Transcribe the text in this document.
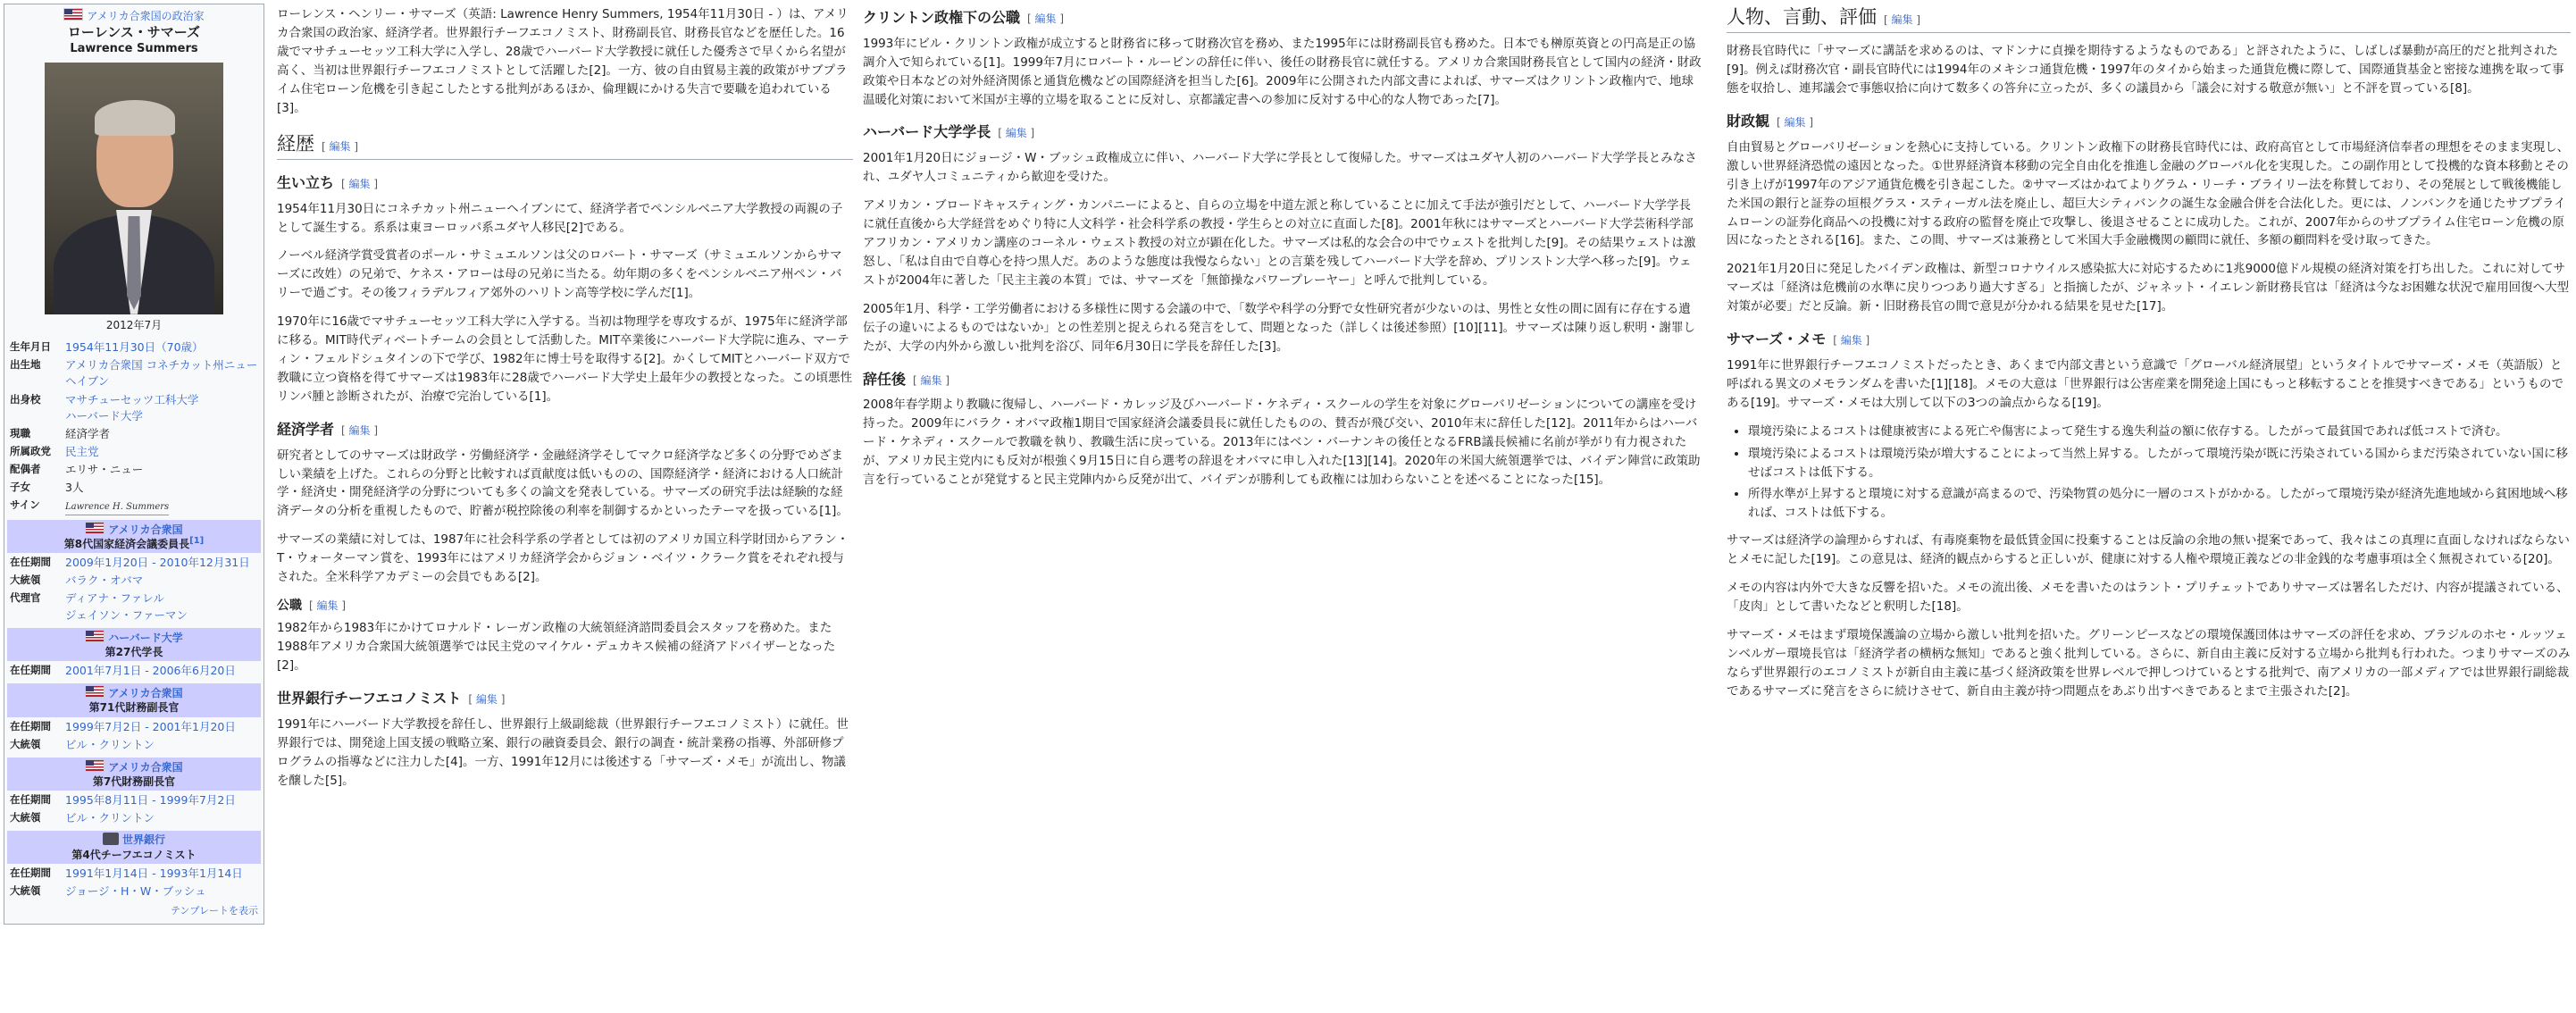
アメリカ合衆国の政治家
ローレンス・サマーズ
Lawrence Summers
2012年7月
生年月日	1954年11月30日（70歳）
出生地	アメリカ合衆国 コネチカット州ニューヘイブン
出身校	マサチューセッツ工科大学
ハーバード大学
現職	経済学者
所属政党	民主党
配偶者	エリサ・ニュー
子女	3人
サイン	Lawrence H. Summers
アメリカ合衆国
第8代国家経済会議委員長[1]
在任期間	2009年1月20日 - 2010年12月31日
大統領	バラク・オバマ
代理官	ディアナ・ファレル
ジェイソン・ファーマン
ハーバード大学
第27代学長
在任期間	2001年7月1日 - 2006年6月20日
アメリカ合衆国
第71代財務副長官
在任期間	1999年7月2日 - 2001年1月20日
大統領	ビル・クリントン
アメリカ合衆国
第7代財務副長官
在任期間	1995年8月11日 - 1999年7月2日
大統領	ビル・クリントン
世界銀行
第4代チーフエコノミスト
在任期間	1991年1月14日 - 1993年1月14日
大統領	ジョージ・H・W・ブッシュ
テンプレートを表示

ローレンス・ヘンリー・サマーズ（英語: Lawrence Henry Summers, 1954年11月30日 - ）は、アメリカ合衆国の政治家、経済学者。世界銀行チーフエコノミスト、財務副長官、財務長官などを歴任した。16歳でマサチューセッツ工科大学に入学し、28歳でハーバード大学教授に就任した優秀さで早くから名望が高く、当初は世界銀行チーフエコノミストとして活躍した[2]。一方、彼の自由貿易主義的政策がサブプライム住宅ローン危機を引き起こしたとする批判があるほか、倫理観にかける失言で要職を追われている[3]。

経歴 [ 編集 ]
生い立ち [ 編集 ]

1954年11月30日にコネチカット州ニューヘイブンにて、経済学者でペンシルベニア大学教授の両親の子として誕生する。系系は東ヨーロッパ系ユダヤ人移民[2]である。

ノーベル経済学賞受賞者のポール・サミュエルソンは父のロバート・サマーズ（サミュエルソンからサマーズに改姓）の兄弟で、ケネス・アローは母の兄弟に当たる。幼年期の多くをペンシルベニア州ペン・バリーで過ごす。その後フィラデルフィア郊外のハリトン高等学校に学んだ[1]。

1970年に16歳でマサチューセッツ工科大学に入学する。当初は物理学を専攻するが、1975年に経済学部に移る。MIT時代ディベートチームの会員として活動した。MIT卒業後にハーバード大学院に進み、マーティン・フェルドシュタインの下で学び、1982年に博士号を取得する[2]。かくしてMITとハーバード双方で教職に立つ資格を得てサマーズは1983年に28歳でハーバード大学史上最年少の教授となった。この頃悪性リンパ腫と診断されたが、治療で完治している[1]。

経済学者 [ 編集 ]

研究者としてのサマーズは財政学・労働経済学・金融経済学そしてマクロ経済学など多くの分野でめざましい業績を上げた。これらの分野と比較すれば貢献度は低いものの、国際経済学・経済における人口統計学・経済史・開発経済学の分野についても多くの論文を発表している。サマーズの研究手法は経験的な経済データの分析を重視したもので、貯蓄が税控除後の利率を制御するかといったテーマを扱っている[1]。

サマーズの業績に対しては、1987年に社会科学系の学者としては初のアメリカ国立科学財団からアラン・T・ウォーターマン賞を、1993年にはアメリカ経済学会からジョン・ベイツ・クラーク賞をそれぞれ授与された。全米科学アカデミーの会員でもある[2]。

公職 [ 編集 ]

1982年から1983年にかけてロナルド・レーガン政権の大統領経済諮問委員会スタッフを務めた。また1988年アメリカ合衆国大統領選挙では民主党のマイケル・デュカキス候補の経済アドバイザーとなった[2]。

世界銀行チーフエコノミスト [ 編集 ]

1991年にハーバード大学教授を辞任し、世界銀行上級副総裁（世界銀行チーフエコノミスト）に就任。世界銀行では、開発途上国支援の戦略立案、銀行の融資委員会、銀行の調査・統計業務の指導、外部研修プログラムの指導などに注力した[4]。一方、1991年12月には後述する「サマーズ・メモ」が流出し、物議を醸した[5]。

クリントン政権下の公職 [ 編集 ]

1993年にビル・クリントン政権が成立すると財務省に移って財務次官を務め、また1995年には財務副長官も務めた。日本でも榊原英資との円高是正の協調介入で知られている[1]。1999年7月にロバート・ルービンの辞任に伴い、後任の財務長官に就任する。アメリカ合衆国財務長官として国内の経済・財政政策や日本などの対外経済関係と通貨危機などの国際経済を担当した[6]。2009年に公開された内部文書によれば、サマーズはクリントン政権内で、地球温暖化対策において米国が主導的立場を取ることに反対し、京都議定書への参加に反対する中心的な人物であった[7]。

ハーバード大学学長 [ 編集 ]

2001年1月20日にジョージ・W・ブッシュ政権成立に伴い、ハーバード大学に学長として復帰した。サマーズはユダヤ人初のハーバード大学学長とみなされ、ユダヤ人コミュニティから歓迎を受けた。

アメリカン・ブロードキャスティング・カンパニーによると、自らの立場を中道左派と称していることに加えて手法が強引だとして、ハーバード大学学長に就任直後から大学経営をめぐり特に人文科学・社会科学系の教授・学生らとの対立に直面した[8]。2001年秋にはサマーズとハーバード大学芸術科学部アフリカン・アメリカン講座のコーネル・ウェスト教授の対立が顕在化した。サマーズは私的な会合の中でウェストを批判した[9]。その結果ウェストは激怒し、「私は自由で自尊心を持つ黒人だ。あのような態度は我慢ならない」との言葉を残してハーバード大学を辞め、プリンストン大学へ移った[9]。ウェストが2004年に著した「民主主義の本質」では、サマーズを「無節操なパワープレーヤー」と呼んで批判している。

2005年1月、科学・工学労働者における多様性に関する会議の中で、「数学や科学の分野で女性研究者が少ないのは、男性と女性の間に固有に存在する遺伝子の違いによるものではないか」との性差別と捉えられる発言をして、問題となった（詳しくは後述参照）[10][11]。サマーズは陳り返し釈明・謝罪したが、大学の内外から激しい批判を浴び、同年6月30日に学長を辞任した[3]。

辞任後 [ 編集 ]

2008年春学期より教職に復帰し、ハーバード・カレッジ及びハーバード・ケネディ・スクールの学生を対象にグローバリゼーションについての講座を受け持った。2009年にバラク・オバマ政権1期目で国家経済会議委員長に就任したものの、賛否が飛び交い、2010年末に辞任した[12]。2011年からはハーバード・ケネディ・スクールで教職を執り、教職生活に戻っている。2013年にはベン・バーナンキの後任となるFRB議長候補に名前が挙がり有力視されたが、アメリカ民主党内にも反対が根強く9月15日に自ら選考の辞退をオバマに申し入れた[13][14]。2020年の米国大統領選挙では、バイデン陣営に政策助言を行っていることが発覚すると民主党陣内から反発が出て、バイデンが勝利しても政権には加わらないことを述べることになった[15]。

人物、言動、評価 [ 編集 ]

財務長官時代に「サマーズに講話を求めるのは、マドンナに貞操を期待するようなものである」と評されたように、しばしば暴動が高圧的だと批判された[9]。例えば財務次官・副長官時代には1994年のメキシコ通貨危機・1997年のタイから始まった通貨危機に際して、国際通貨基金と密接な連携を取って事態を収拾し、連邦議会で事態収拾に向けて数多くの答弁に立ったが、多くの議員から「議会に対する敬意が無い」と不評を買っている[8]。

財政観 [ 編集 ]

自由貿易とグローバリゼーションを熱心に支持している。クリントン政権下の財務長官時代には、政府高官として市場経済信奉者の理想をそのまま実現し、激しい世界経済恐慌の遠因となった。①世界経済資本移動の完全自由化を推進し金融のグローバル化を実現した。この副作用として投機的な資本移動とその引き上げが1997年のアジア通貨危機を引き起こした。②サマーズはかねてよりグラム・リーチ・ブライリー法を称賛しており、その発展として戦後機能した米国の銀行と証券の垣根グラス・スティーガル法を廃止し、超巨大シティバンクの誕生な金融合併を合法化した。更には、ノンバンクを通じたサブプライムローンの証券化商品への投機に対する政府の監督を廃止で攻撃し、後退させることに成功した。これが、2007年からのサブプライム住宅ローン危機の原因になったとされる[16]。また、この間、サマーズは兼務として米国大手金融機関の顧問に就任、多額の顧問料を受け取ってきた。

2021年1月20日に発足したバイデン政権は、新型コロナウイルス感染拡大に対応するために1兆9000億ドル規模の経済対策を打ち出した。これに対してサマーズは「経済は危機前の水準に戻りつつあり過大すぎる」と指摘したが、ジャネット・イエレン新財務長官は「経済は今なお困難な状況で雇用回復へ大型対策が必要」だと反論。新・旧財務長官の間で意見が分かれる結果を見せた[17]。

サマーズ・メモ [ 編集 ]

1991年に世界銀行チーフエコノミストだったとき、あくまで内部文書という意識で「グローバル経済展望」というタイトルでサマーズ・メモ（英語版）と呼ばれる異文のメモランダムを書いた[1][18]。メモの大意は「世界銀行は公害産業を開発途上国にもっと移転することを推奨すべきである」というものである[19]。サマーズ・メモは大別して以下の3つの論点からなる[19]。

• 環境汚染によるコストは健康被害による死亡や傷害によって発生する逸失利益の額に依存する。したがって最貧国であれば低コストで済む。
• 環境汚染によるコストは環境汚染が増大することによって当然上昇する。したがって環境汚染が既に汚染されている国からまだ汚染されていない国に移せばコストは低下する。
• 所得水準が上昇すると環境に対する意識が高まるので、汚染物質の処分に一層のコストがかかる。したがって環境汚染が経済先進地域から貧困地域へ移れば、コストは低下する。

サマーズは経済学の論理からすれば、有毒廃棄物を最低賃金国に投棄することは反論の余地の無い提案であって、我々はこの真理に直面しなければならないとメモに記した[19]。この意見は、経済的観点からすると正しいが、健康に対する人権や環境正義などの非金銭的な考慮事項は全く無視されている[20]。

メモの内容は内外で大きな反響を招いた。メモの流出後、メモを書いたのはラント・プリチェットでありサマーズは署名しただけ、内容が提議されている、「皮肉」として書いたなどと釈明した[18]。

サマーズ・メモはまず環境保護論の立場から激しい批判を招いた。グリーンピースなどの環境保護団体はサマーズの評任を求め、ブラジルのホセ・ルッツェンベルガー環境長官は「経済学者の横柄な無知」であると強く批判している。さらに、新自由主義に反対する立場から批判も行われた。つまりサマーズのみならず世界銀行のエコノミストが新自由主義に基づく経済政策を世界レベルで押しつけているとする批判で、南アメリカの一部メディアでは世界銀行副総裁であるサマーズに発言をさらに続けさせて、新自由主義が持つ問題点をあぶり出すべきであるとまで主張された[2]。
